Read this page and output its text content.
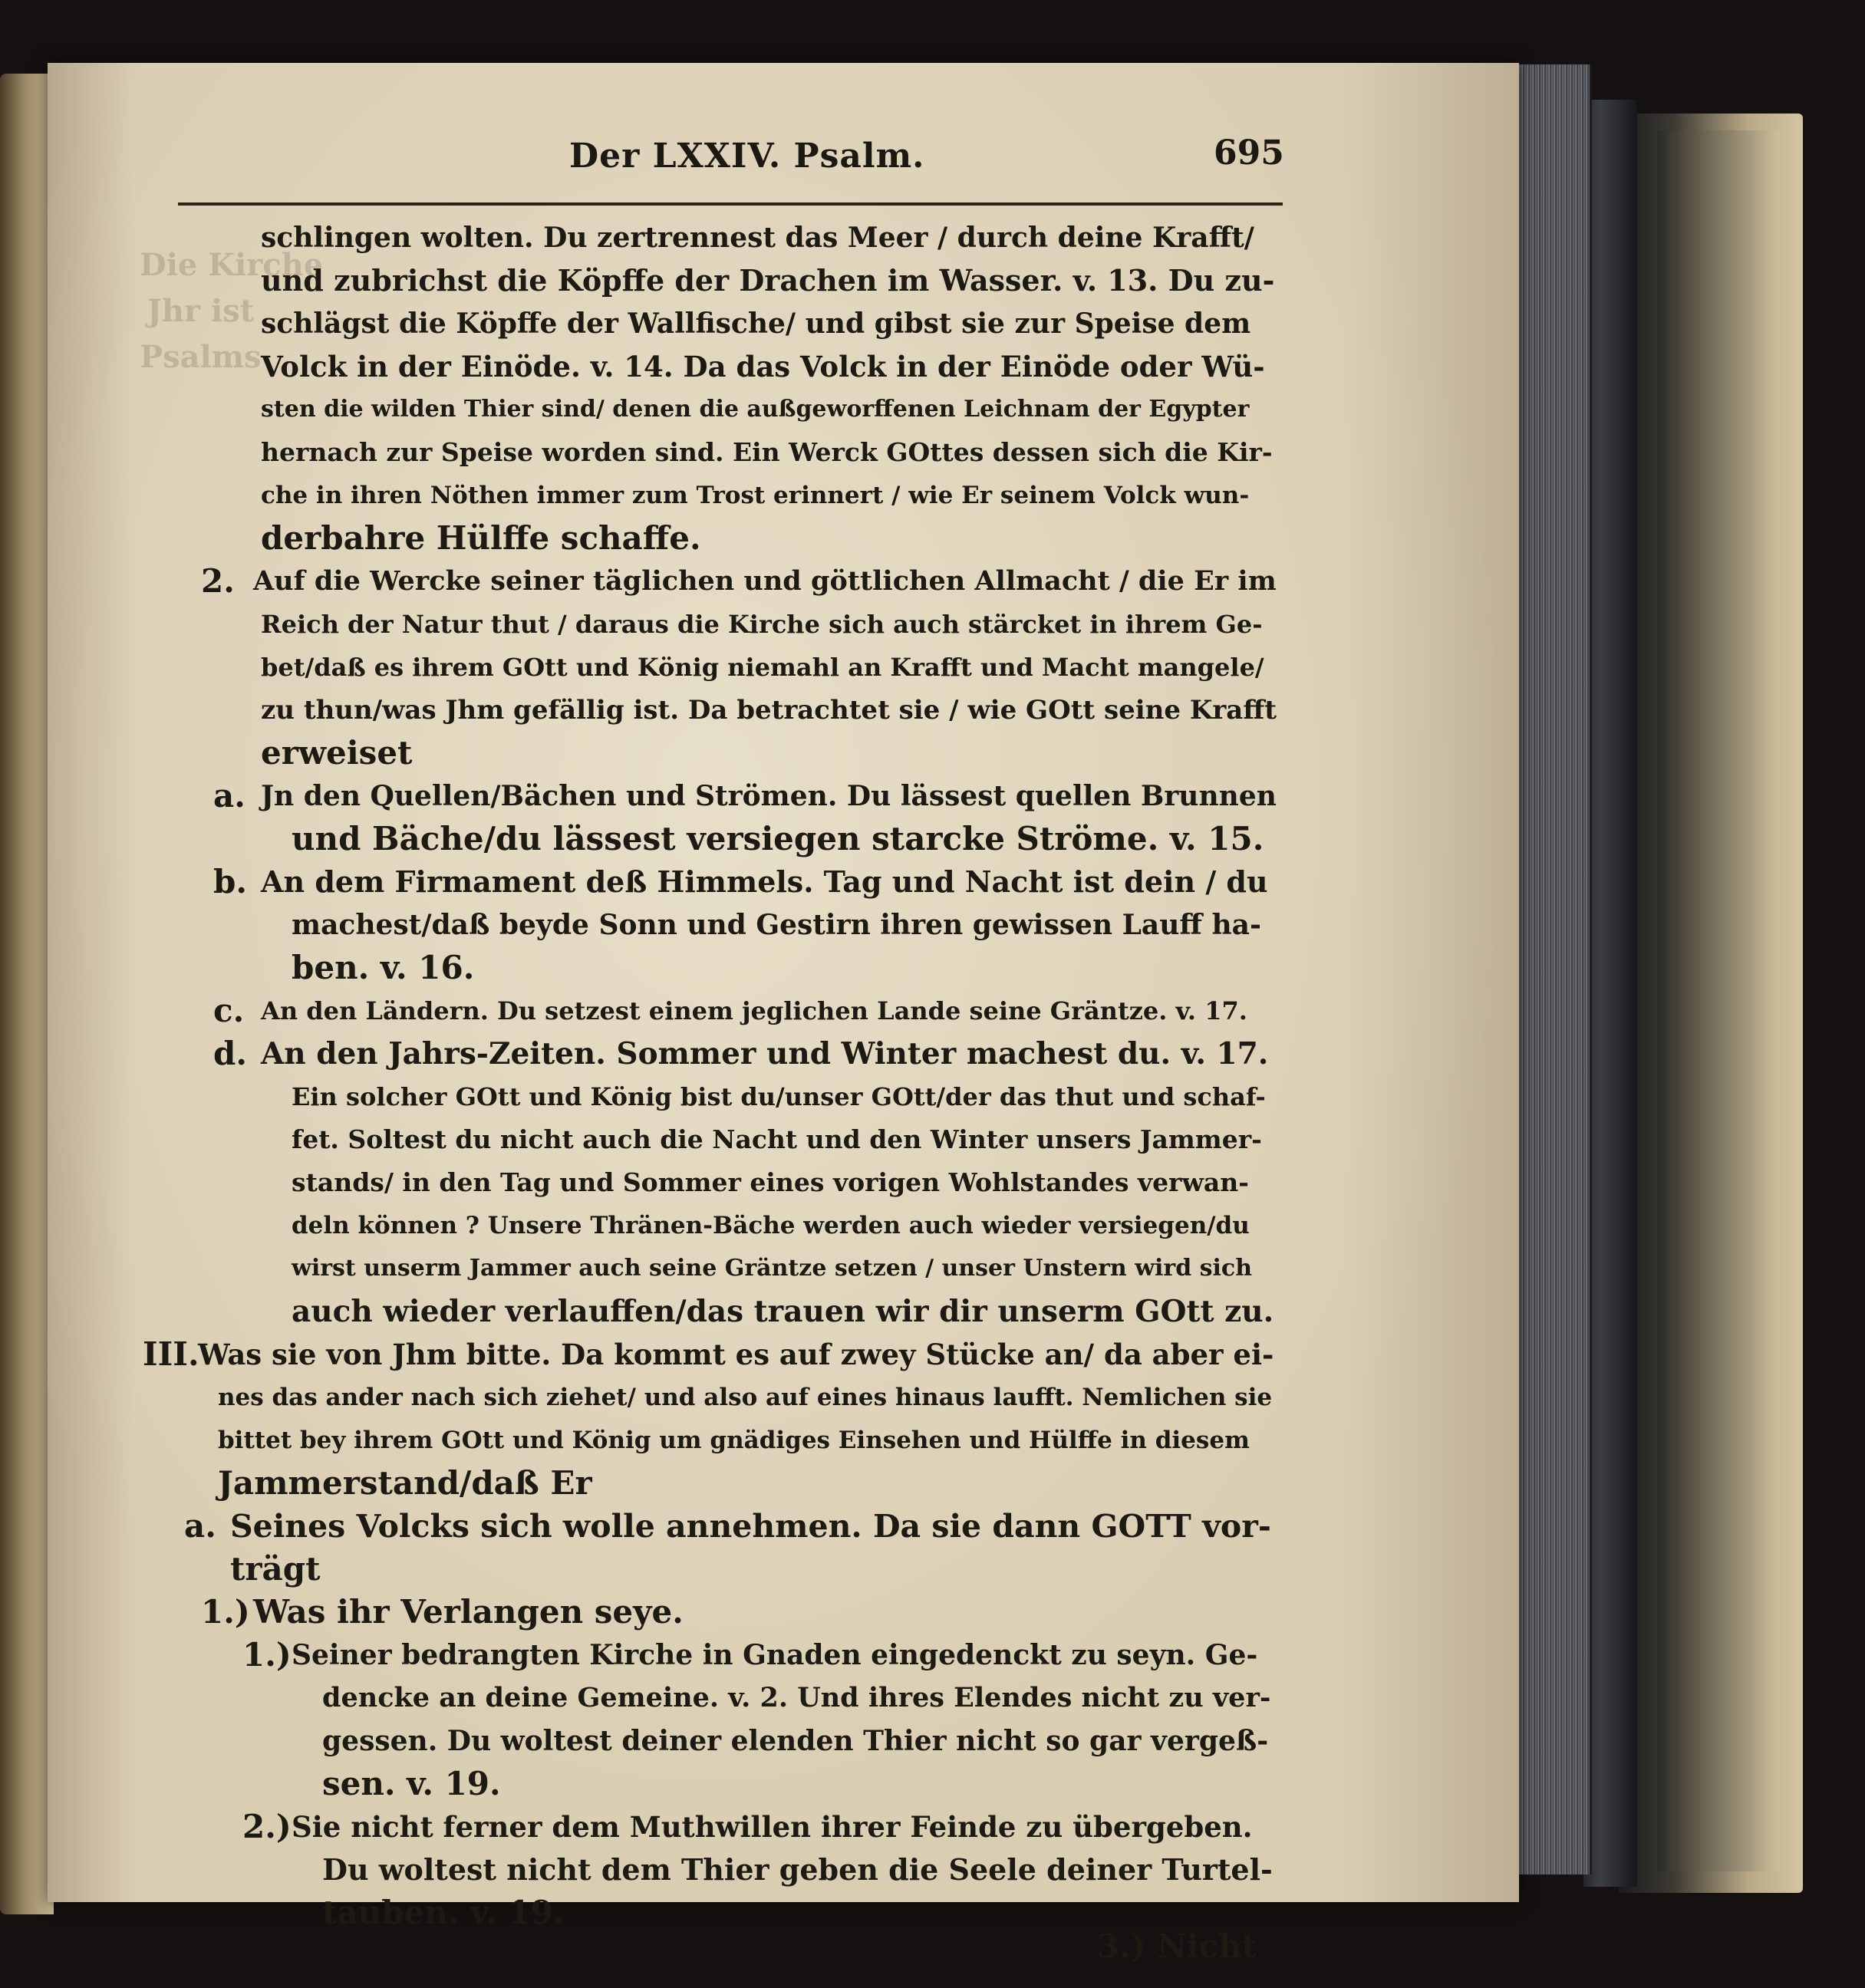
Die Kirche
Jhr ist
Psalms
Der LXXIV. Psalm.	695
schlingen wolten. Du zertrennest das Meer / durch deine Krafft/
und zubrichst die Köpffe der Drachen im Wasser. v. 13. Du zu-
schlägst die Köpffe der Wallfische/ und gibst sie zur Speise dem
Volck in der Einöde. v. 14. Da das Volck in der Einöde oder Wü-
sten die wilden Thier sind/ denen die außgeworffenen Leichnam der Egypter
hernach zur Speise worden sind. Ein Werck GOttes dessen sich die Kir-
che in ihren Nöthen immer zum Trost erinnert / wie Er seinem Volck wun-
derbahre Hülffe schaffe.
2. Auf die Wercke seiner täglichen und göttlichen Allmacht / die Er im
Reich der Natur thut / daraus die Kirche sich auch stärcket in ihrem Ge-
bet/daß es ihrem GOtt und König niemahl an Krafft und Macht mangele/
zu thun/was Jhm gefällig ist. Da betrachtet sie / wie GOtt seine Krafft
erweiset
a. Jn den Quellen/Bächen und Strömen. Du lässest quellen Brunnen
und Bäche/du lässest versiegen starcke Ströme. v. 15.
b. An dem Firmament deß Himmels. Tag und Nacht ist dein / du
machest/daß beyde Sonn und Gestirn ihren gewissen Lauff ha-
ben. v. 16.
c. An den Ländern. Du setzest einem jeglichen Lande seine Gräntze. v. 17.
d. An den Jahrs-Zeiten. Sommer und Winter machest du. v. 17.
Ein solcher GOtt und König bist du/unser GOtt/der das thut und schaf-
fet. Soltest du nicht auch die Nacht und den Winter unsers Jammer-
stands/ in den Tag und Sommer eines vorigen Wohlstandes verwan-
deln können ? Unsere Thränen-Bäche werden auch wieder versiegen/du
wirst unserm Jammer auch seine Gräntze setzen / unser Unstern wird sich
auch wieder verlauffen/das trauen wir dir unserm GOtt zu.
III.
Was sie von Jhm bitte. Da kommt es auf zwey Stücke an/ da aber ei-
nes das ander nach sich ziehet/ und also auf eines hinaus laufft. Nemlichen sie
bittet bey ihrem GOtt und König um gnädiges Einsehen und Hülffe in diesem
Jammerstand/daß Er
a. Seines Volcks sich wolle annehmen. Da sie dann GOTT vor-
trägt
1.) Was ihr Verlangen seye.
1.) Seiner bedrangten Kirche in Gnaden eingedenckt zu seyn. Ge-
dencke an deine Gemeine. v. 2. Und ihres Elendes nicht zu ver-
gessen. Du woltest deiner elenden Thier nicht so gar vergeß-
sen. v. 19.
2.) Sie nicht ferner dem Muthwillen ihrer Feinde zu übergeben.
Du woltest nicht dem Thier geben die Seele deiner Turtel-
tauben. v. 19.
3.) Nicht
